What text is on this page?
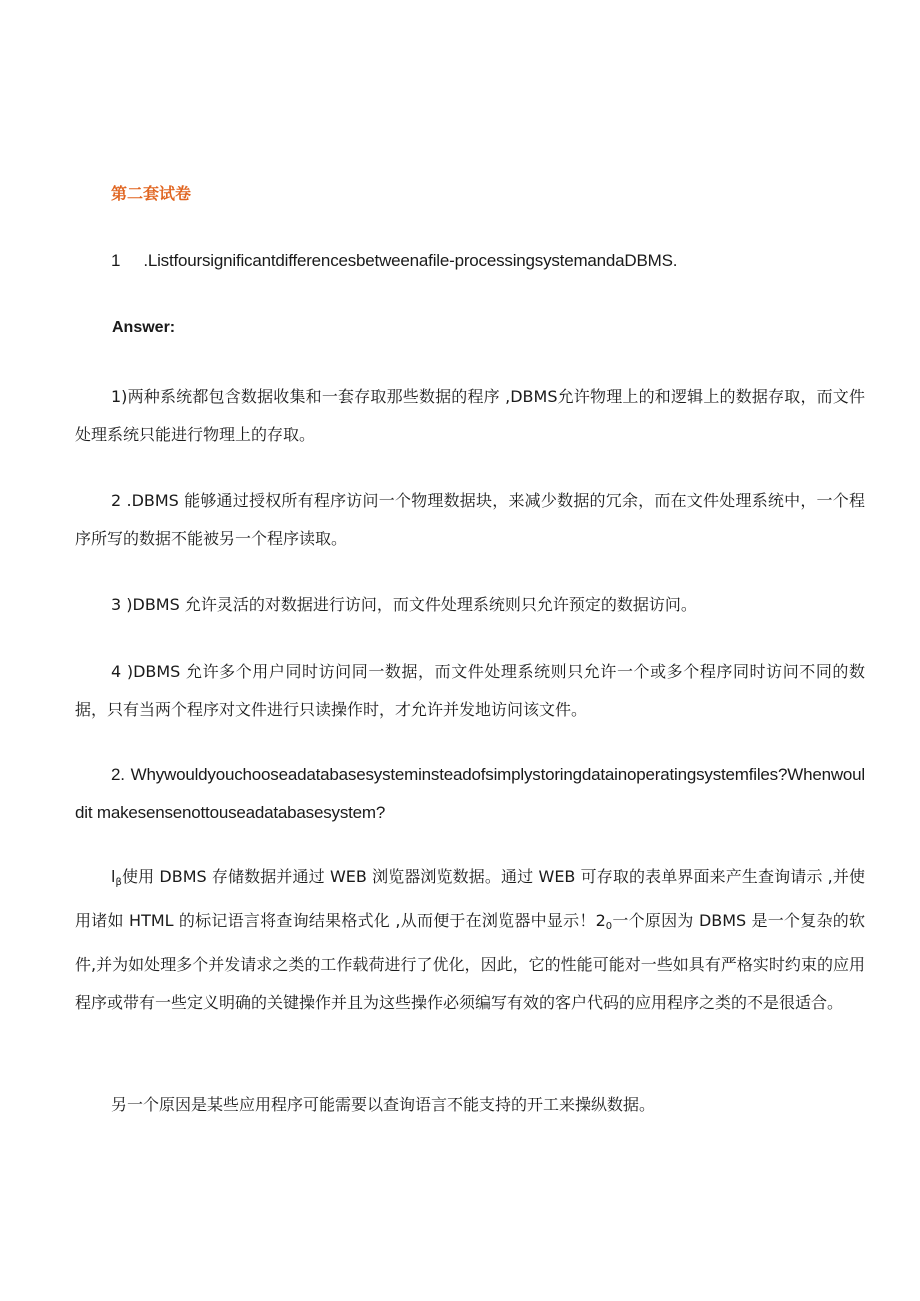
第二套试卷
1 .Listfoursignificantdifferencesbetweenafile-processingsystemandaDBMS.
Answer:
1)两种系统都包含数据收集和一套存取那些数据的程序 ,DBMS允许物理上的和逻辑上的数据存取，而文件处理系统只能进行物理上的存取。
2 .DBMS 能够通过授权所有程序访问一个物理数据块，来减少数据的冗余，而在文件处理系统中，一个程序所写的数据不能被另一个程序读取。
3 )DBMS 允许灵活的对数据进行访问，而文件处理系统则只允许预定的数据访问。
4 )DBMS 允许多个用户同时访问同一数据，而文件处理系统则只允许一个或多个程序同时访问不同的数据，只有当两个程序对文件进行只读操作时，才允许并发地访问该文件。
2. Whywouldyouchooseadatabasesysteminsteadofsimplystoringdatainoperatingsystemfiles?Whenwouldit makesensenottouseadatabasesystem?
$l_\beta$使用 DBMS 存储数据并通过 WEB 浏览器浏览数据。通过 WEB 可存取的表单界面来产生查询请示 ,并使用诸如 HTML 的标记语言将查询结果格式化 ,从而便于在浏览器中显示！$2_0$一个原因为 DBMS 是一个复杂的软件,并为如处理多个并发请求之类的工作载荷进行了优化，因此，它的性能可能对一些如具有严格实时约束的应用程序或带有一些定义明确的关键操作并且为这些操作必须编写有效的客户代码的应用程序之类的不是很适合。
另一个原因是某些应用程序可能需要以查询语言不能支持的开工来操纵数据。
